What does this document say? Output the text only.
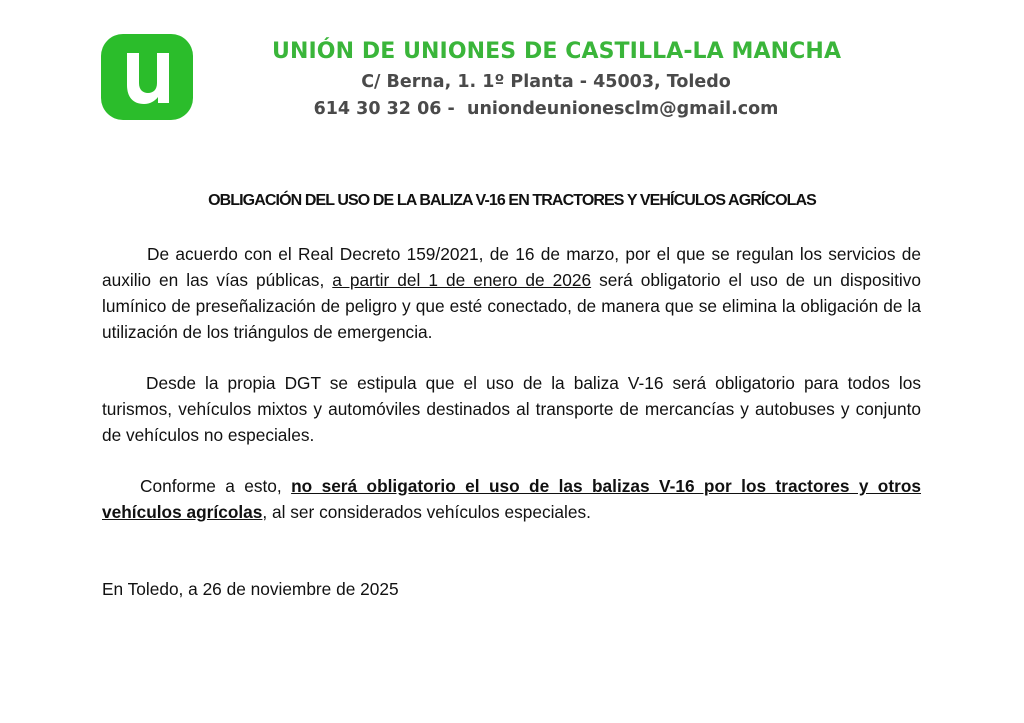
UNIÓN DE UNIONES DE CASTILLA-LA MANCHA
C/ Berna, 1. 1º Planta - 45003, Toledo
614 30 32 06 -  uniondeunionesclm@gmail.com
OBLIGACIÓN DEL USO DE LA BALIZA V-16 EN TRACTORES Y VEHÍCULOS AGRÍCOLAS

De acuerdo con el Real Decreto 159/2021, de 16 de marzo, por el que se regulan los servicios de auxilio en las vías públicas, a partir del 1 de enero de 2026 será obligatorio el uso de un dispositivo lumínico de preseñalización de peligro y que esté conectado, de manera que se elimina la obligación de la utilización de los triángulos de emergencia.

Desde la propia DGT se estipula que el uso de la baliza V-16 será obligatorio para todos los turismos, vehículos mixtos y automóviles destinados al transporte de mercancías y autobuses y conjunto de vehículos no especiales.

Conforme a esto, no será obligatorio el uso de las balizas V-16 por los tractores y otros vehículos agrícolas, al ser considerados vehículos especiales.

En Toledo, a 26 de noviembre de 2025
